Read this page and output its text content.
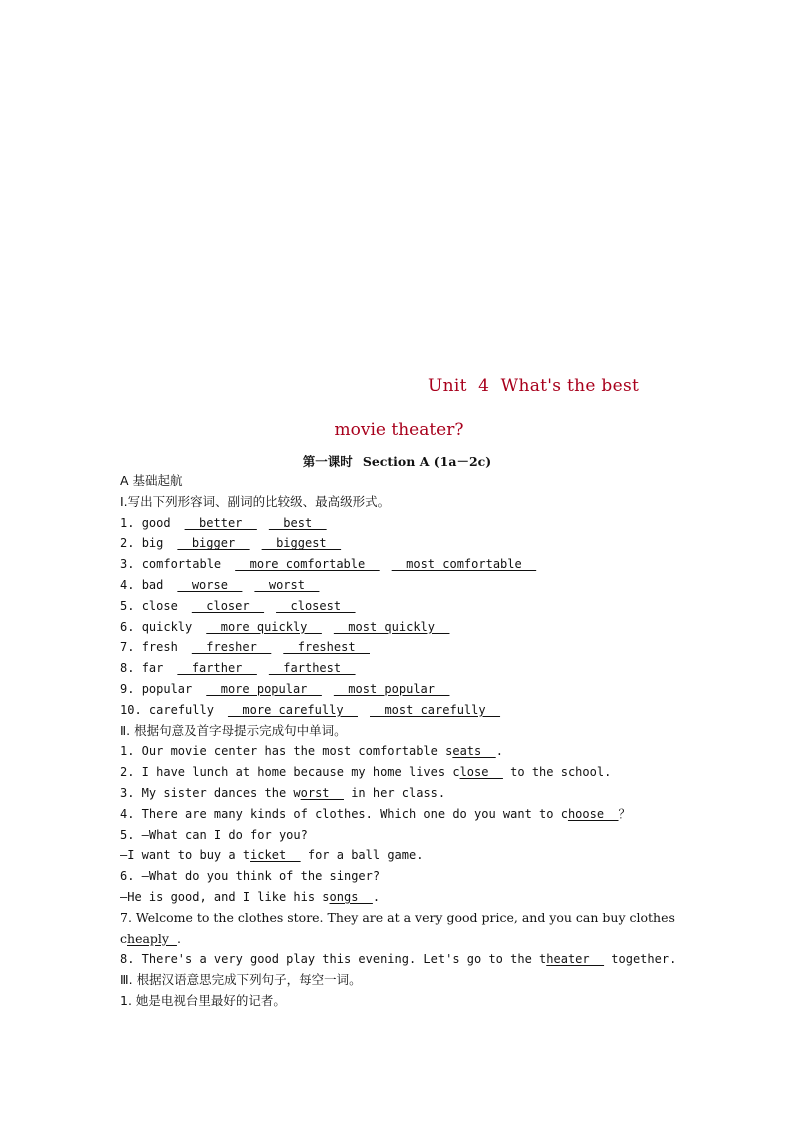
Unit  4  What's the best
movie theater?
第一课时 Section A (1a－2c)
A 基础起航
Ⅰ.写出下列形容词、副词的比较级、最高级形式。
1. good  better    best
2. big  bigger    biggest
3. comfortable  more comfortable    most comfortable
4. bad  worse    worst
5. close  closer    closest
6. quickly  more quickly    most quickly
7. fresh  fresher    freshest
8. far  farther    farthest
9. popular  more popular    most popular
10. carefully  more carefully    most carefully
Ⅱ. 根据句意及首字母提示完成句中单词。
1. Our movie center has the most comfortable seats  .
2. I have lunch at home because my home lives close   to the school.
3. My sister dances the worst   in her class.
4. There are many kinds of clothes. Which one do you want to choose  ？
5. —What can I do for you?
—I want to buy a ticket   for a ball game.
6. —What do you think of the singer?
—He is good, and I like his songs  .
7. Welcome to the clothes store. They are at a very good price, and you can buy clothes
cheaply  .
8. There's a very good play this evening. Let's go to the theater   together.
Ⅲ. 根据汉语意思完成下列句子，每空一词。
1. 她是电视台里最好的记者。
